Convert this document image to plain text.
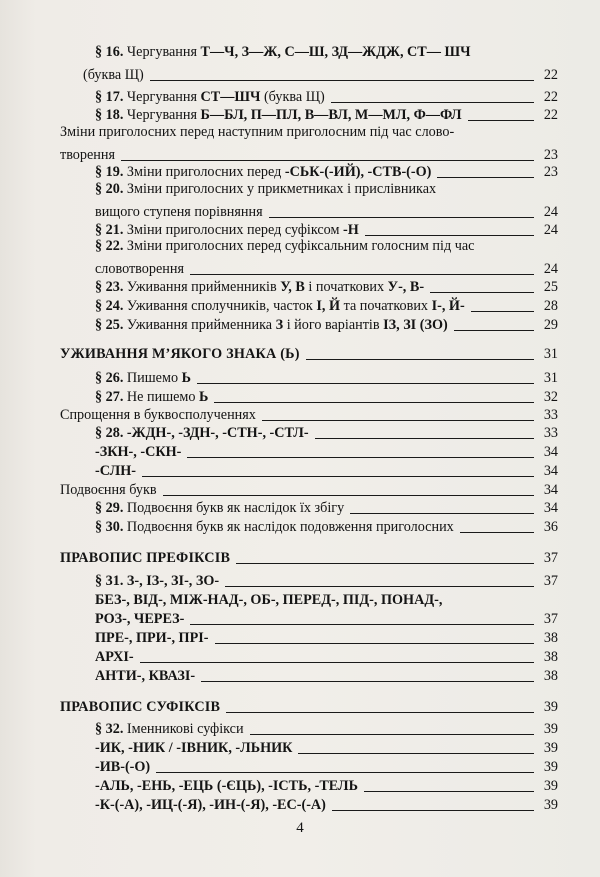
§ 16. Чергування Т—Ч, З—Ж, С—Ш, ЗД—ЖДЖ, СТ— ШЧ
(буква Щ)	22
§ 17. Чергування СТ—ШЧ (буква Щ)	22
§ 18. Чергування Б—БЛ, П—ПЛ, В—ВЛ, М—МЛ, Ф—ФЛ	22
Зміни приголосних перед наступним приголосним під час слово-
творення	23
§ 19. Зміни приголосних перед -СЬК-(-ИЙ), -СТВ-(-О)	23
§ 20. Зміни приголосних у прикметниках і прислівниках
вищого ступеня порівняння	24
§ 21. Зміни приголосних перед суфіксом -Н	24
§ 22. Зміни приголосних перед суфіксальним голосним під час
словотворення	24
§ 23. Уживання прийменників У, В і початкових У-, В-	25
§ 24. Уживання сполучників, часток І, Й та початкових І-, Й-	28
§ 25. Уживання прийменника З і його варіантів ІЗ, ЗІ (ЗО)	29
УЖИВАННЯ М’ЯКОГО ЗНАКА (Ь)	31
§ 26. Пишемо Ь	31
§ 27. Не пишемо Ь	32
Спрощення в буквосполученнях	33
§ 28. -ЖДН-, -ЗДН-, -СТН-, -СТЛ-	33
-ЗКН-, -СКН-	34
-СЛН-	34
Подвоєння букв	34
§ 29. Подвоєння букв як наслідок їх збігу	34
§ 30. Подвоєння букв як наслідок подовження приголосних	36
ПРАВОПИС ПРЕФІКСІВ	37
§ 31. З-, ІЗ-, ЗІ-, ЗО-	37
БЕЗ-, ВІД-, МІЖ-НАД-, ОБ-, ПЕРЕД-, ПІД-, ПОНАД-,
РОЗ-, ЧЕРЕЗ-	37
ПРЕ-, ПРИ-, ПРІ-	38
АРХІ-	38
АНТИ-, КВАЗІ-	38
ПРАВОПИС СУФІКСІВ	39
§ 32. Іменникові суфікси	39
-ИК, -НИК / -ІВНИК, -ЛЬНИК	39
-ИВ-(-О)	39
-АЛЬ, -ЕНЬ, -ЕЦЬ (-ЄЦЬ), -ІСТЬ, -ТЕЛЬ	39
-К-(-А), -ИЦ-(-Я), -ИН-(-Я), -ЕС-(-А)	39
4
